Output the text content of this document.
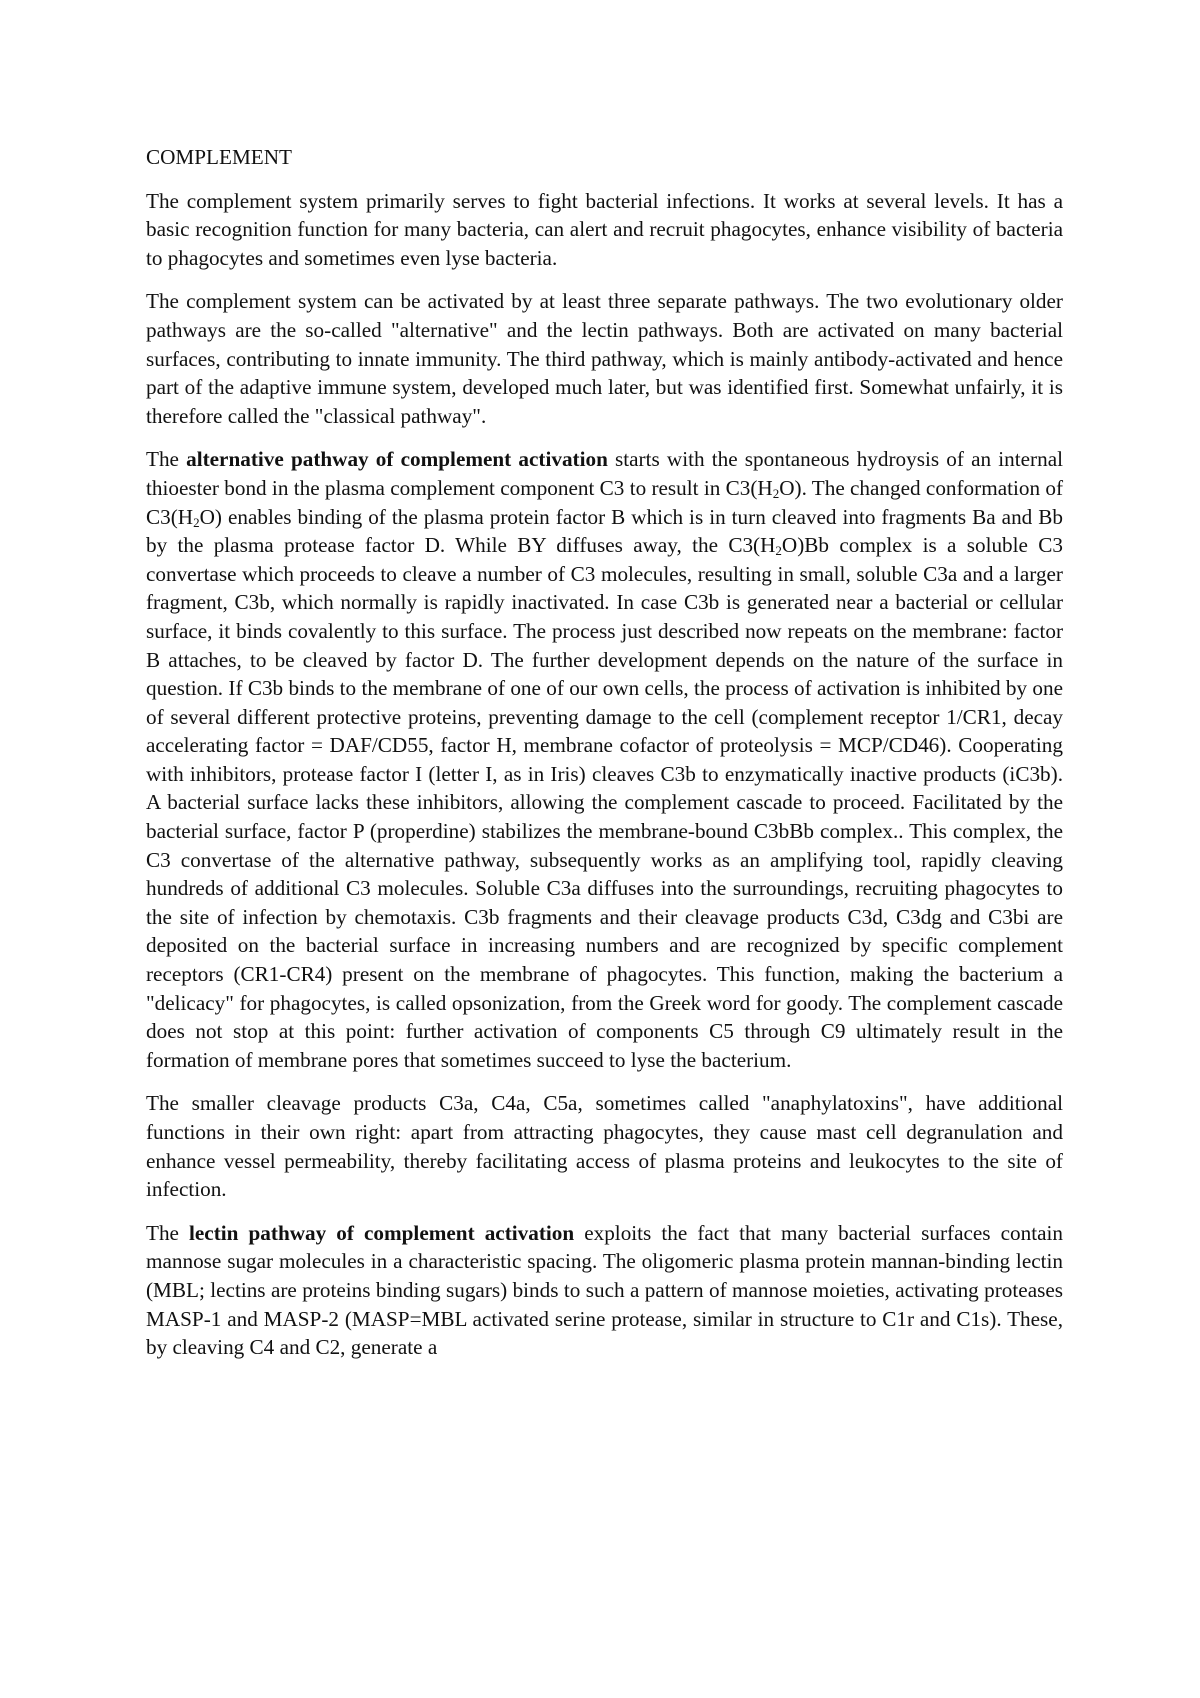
COMPLEMENT

The complement system primarily serves to fight bacterial infections. It works at several levels. It has a basic recognition function for many bacteria, can alert and recruit phagocytes, enhance visibility of bacteria to phagocytes and sometimes even lyse bacteria.

The complement system can be activated by at least three separate pathways. The two evolutionary older pathways are the so-called "alternative" and the lectin pathways. Both are activated on many bacterial surfaces, contributing to innate immunity. The third pathway, which is mainly antibody-activated and hence part of the adaptive immune system, developed much later, but was identified first. Somewhat unfairly, it is therefore called the "classical pathway".

The alternative pathway of complement activation starts with the spontaneous hydroysis of an internal thioester bond in the plasma complement component C3 to result in $C3(H_2O)$. The changed conformation of $C3(H_2O)$ enables binding of the plasma protein factor B which is in turn cleaved into fragments Ba and Bb by the plasma protease factor D. While BY diffuses away, the $C3(H_2O)Bb$ complex is a soluble C3 convertase which proceeds to cleave a number of C3 molecules, resulting in small, soluble C3a and a larger fragment, C3b, which normally is rapidly inactivated. In case C3b is generated near a bacterial or cellular surface, it binds covalently to this surface. The process just described now repeats on the membrane: factor B attaches, to be cleaved by factor D. The further development depends on the nature of the surface in question. If C3b binds to the membrane of one of our own cells, the process of activation is inhibited by one of several different protective proteins, preventing damage to the cell (complement receptor 1/CR1, decay accelerating factor = DAF/CD55, factor H, membrane cofactor of proteolysis = MCP/CD46). Cooperating with inhibitors, protease factor I (letter I, as in Iris) cleaves C3b to enzymatically inactive products (iC3b). A bacterial surface lacks these inhibitors, allowing the complement cascade to proceed. Facilitated by the bacterial surface, factor P (properdine) stabilizes the membrane-bound C3bBb complex.. This complex, the C3 convertase of the alternative pathway, subsequently works as an amplifying tool, rapidly cleaving hundreds of additional C3 molecules. Soluble C3a diffuses into the surroundings, recruiting phagocytes to the site of infection by chemotaxis. C3b fragments and their cleavage products C3d, C3dg and C3bi are deposited on the bacterial surface in increasing numbers and are recognized by specific complement receptors (CR1-CR4) present on the membrane of phagocytes. This function, making the bacterium a "delicacy" for phagocytes, is called opsonization, from the Greek word for goody. The complement cascade does not stop at this point: further activation of components C5 through C9 ultimately result in the formation of membrane pores that sometimes succeed to lyse the bacterium.

The smaller cleavage products C3a, C4a, C5a, sometimes called "anaphylatoxins", have additional functions in their own right: apart from attracting phagocytes, they cause mast cell degranulation and enhance vessel permeability, thereby facilitating access of plasma proteins and leukocytes to the site of infection.

The lectin pathway of complement activation exploits the fact that many bacterial surfaces contain mannose sugar molecules in a characteristic spacing. The oligomeric plasma protein mannan-binding lectin (MBL; lectins are proteins binding sugars) binds to such a pattern of mannose moieties, activating proteases MASP-1 and MASP-2 (MASP=MBL activated serine protease, similar in structure to C1r and C1s). These, by cleaving C4 and C2, generate a
